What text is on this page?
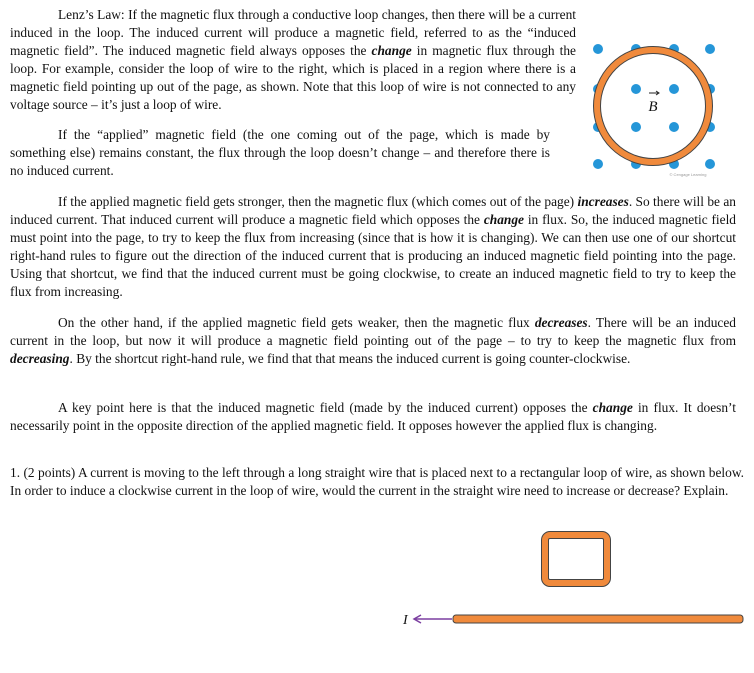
Lenz’s Law: If the magnetic flux through a conductive loop changes, then there will be a current induced in the loop. The induced current will produce a magnetic field, referred to as the “induced magnetic field”. The induced magnetic field always opposes the change in magnetic flux through the loop. For example, consider the loop of wire to the right, which is placed in a region where there is a magnetic field pointing up out of the page, as shown. Note that this loop of wire is not connected to any voltage source – it’s just a loop of wire.

If the “applied” magnetic field (the one coming out of the page, which is made by something else) remains constant, the flux through the loop doesn’t change – and therefore there is no induced current.

If the applied magnetic field gets stronger, then the magnetic flux (which comes out of the page) increases. So there will be an induced current. That induced current will produce a magnetic field which opposes the change in flux. So, the induced magnetic field must point into the page, to try to keep the flux from increasing (since that is how it is changing). We can then use one of our shortcut right-hand rules to figure out the direction of the induced current that is producing an induced magnetic field pointing into the page. Using that shortcut, we find that the induced current must be going clockwise, to create an induced magnetic field to try to keep the flux from increasing.

On the other hand, if the applied magnetic field gets weaker, then the magnetic flux decreases. There will be an induced current in the loop, but now it will produce a magnetic field pointing out of the page – to try to keep the magnetic flux from decreasing. By the shortcut right-hand rule, we find that that means the induced current is going counter-clockwise.

A key point here is that the induced magnetic field (made by the induced current) opposes the change in flux. It doesn’t necessarily point in the opposite direction of the applied magnetic field. It opposes however the applied flux is changing.

1. (2 points) A current is moving to the left through a long straight wire that is placed next to a rectangular loop of wire, as shown below. In order to induce a clockwise current in the loop of wire, would the current in the straight wire need to increase or decrease? Explain.

B
© Cengage Learning
I
